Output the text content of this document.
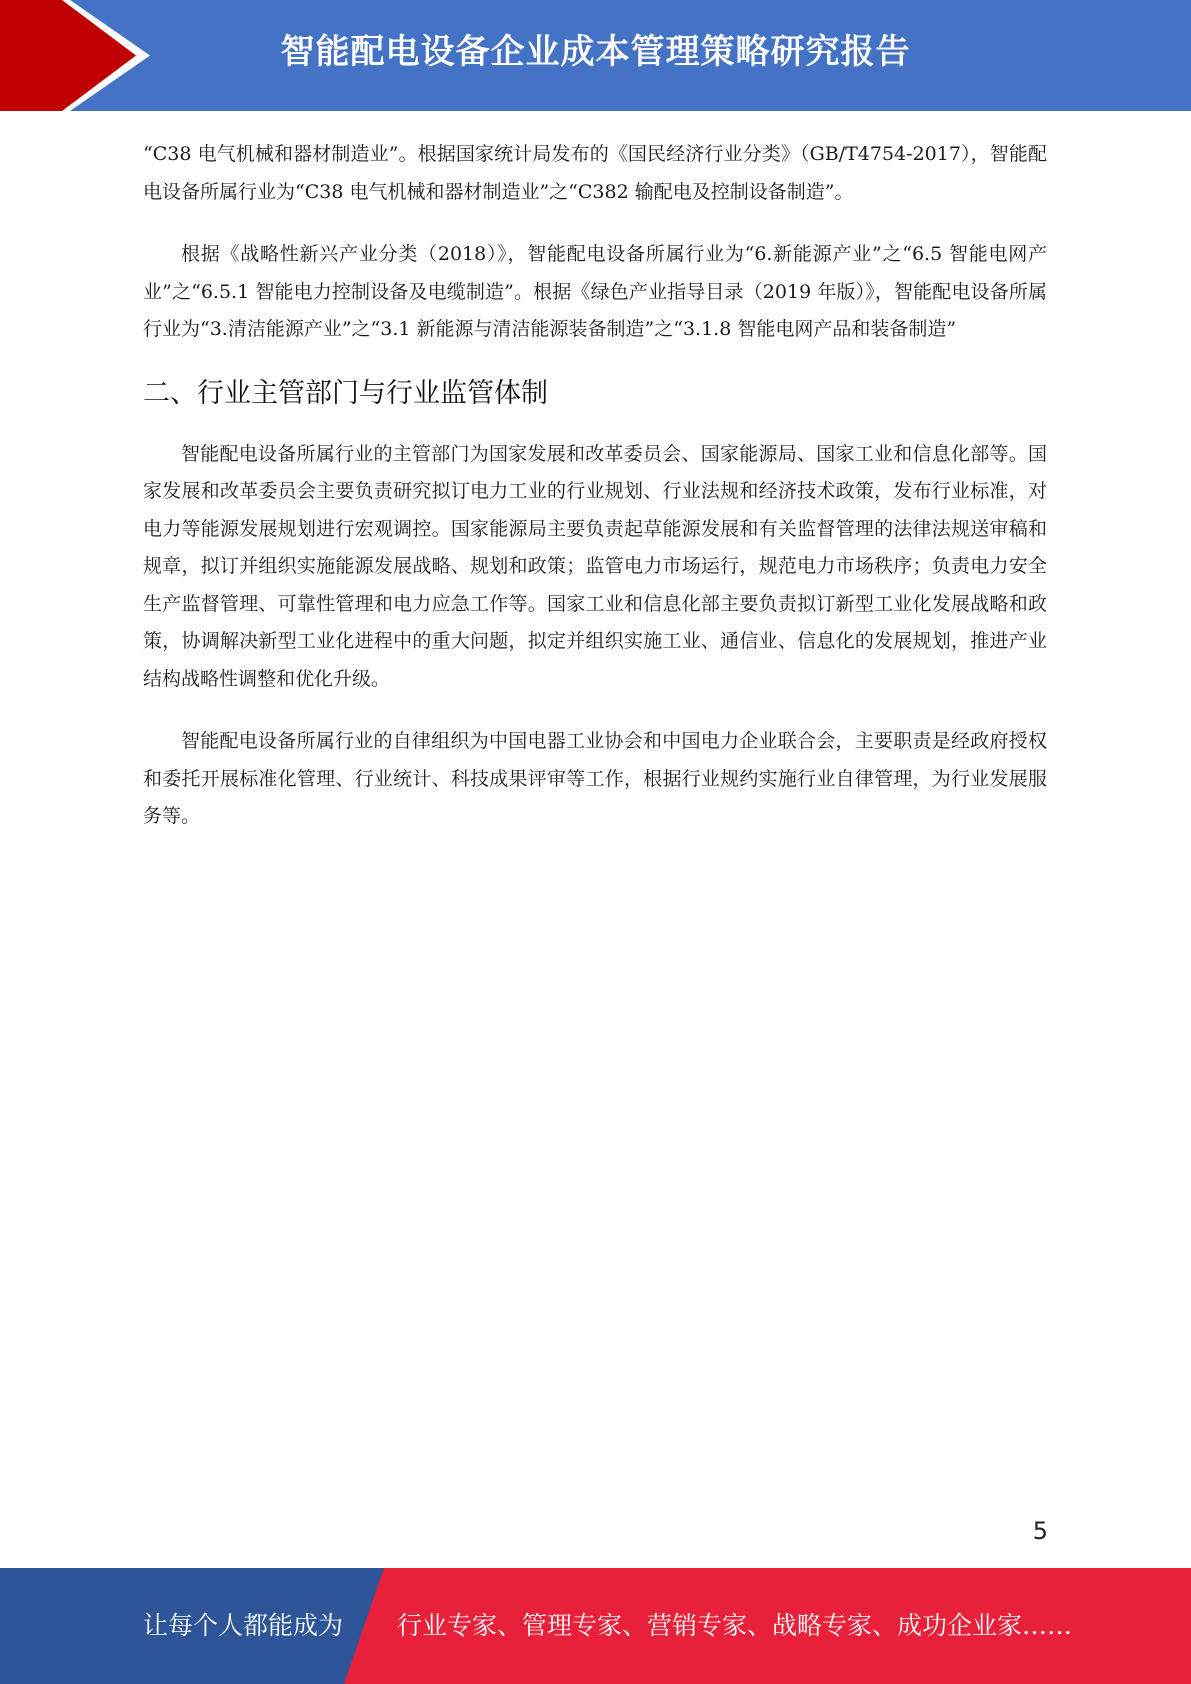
智能配电设备企业成本管理策略研究报告

“C38 电气机械和器材制造业”。根据国家统计局发布的《国民经济行业分类》（GB/T4754-2017），智能配电设备所属行业为“C38 电气机械和器材制造业”之“C382 输配电及控制设备制造”。

根据《战略性新兴产业分类（2018）》，智能配电设备所属行业为“6.新能源产业”之“6.5 智能电网产业”之“6.5.1 智能电力控制设备及电缆制造”。根据《绿色产业指导目录（2019 年版）》，智能配电设备所属行业为“3.清洁能源产业”之“3.1 新能源与清洁能源装备制造”之“3.1.8 智能电网产品和装备制造”

二、行业主管部门与行业监管体制

智能配电设备所属行业的主管部门为国家发展和改革委员会、国家能源局、国家工业和信息化部等。国家发展和改革委员会主要负责研究拟订电力工业的行业规划、行业法规和经济技术政策，发布行业标准，对电力等能源发展规划进行宏观调控。国家能源局主要负责起草能源发展和有关监督管理的法律法规送审稿和规章，拟订并组织实施能源发展战略、规划和政策；监管电力市场运行，规范电力市场秩序；负责电力安全生产监督管理、可靠性管理和电力应急工作等。国家工业和信息化部主要负责拟订新型工业化发展战略和政策，协调解决新型工业化进程中的重大问题，拟定并组织实施工业、通信业、信息化的发展规划，推进产业结构战略性调整和优化升级。

智能配电设备所属行业的自律组织为中国电器工业协会和中国电力企业联合会，主要职责是经政府授权和委托开展标准化管理、行业统计、科技成果评审等工作，根据行业规约实施行业自律管理，为行业发展服务等。

5
让每个人都能成为 行业专家、管理专家、营销专家、战略专家、成功企业家……
